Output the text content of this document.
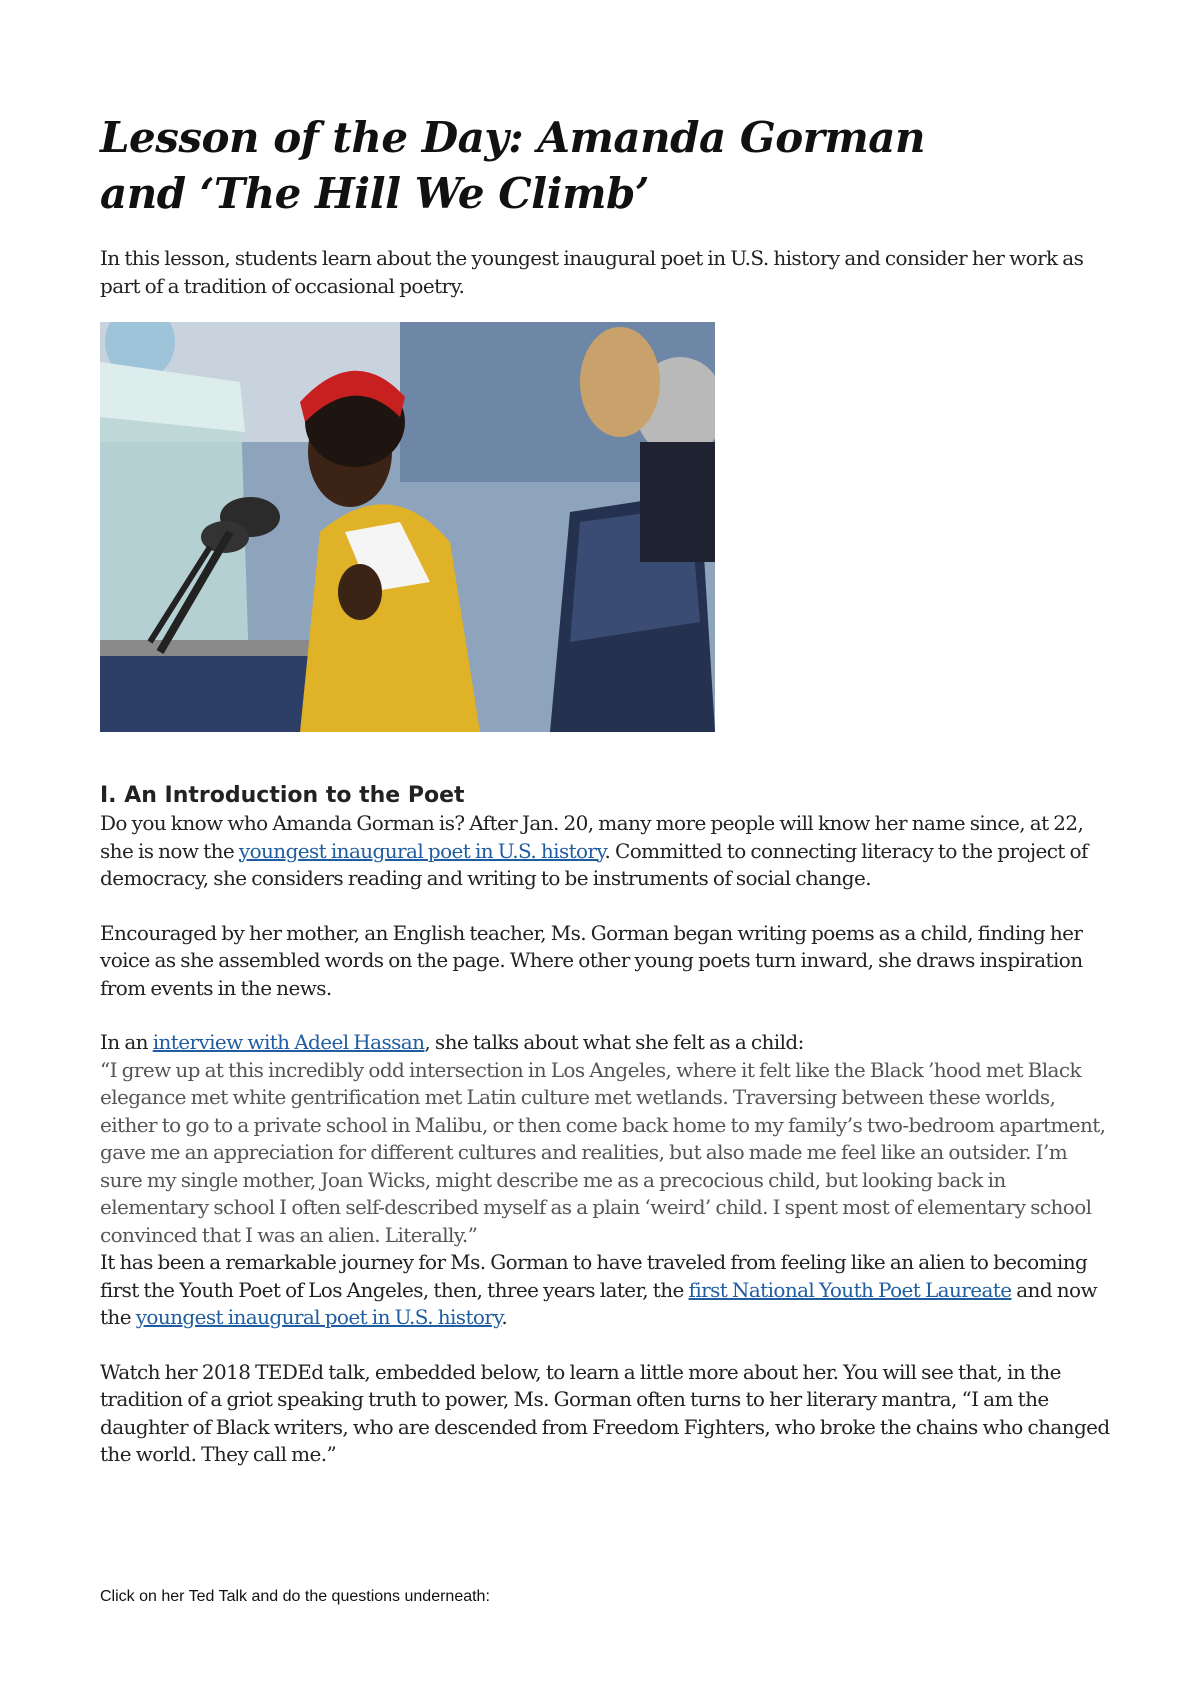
Lesson of the Day: Amanda Gorman
and ‘The Hill We Climb’

In this lesson, students learn about the youngest inaugural poet in U.S. history and consider her work as part of a tradition of occasional poetry.

I. An Introduction to the Poet

Do you know who Amanda Gorman is? After Jan. 20, many more people will know her name since, at 22, she is now the youngest inaugural poet in U.S. history. Committed to connecting literacy to the project of democracy, she considers reading and writing to be instruments of social change.

Encouraged by her mother, an English teacher, Ms. Gorman began writing poems as a child, finding her voice as she assembled words on the page. Where other young poets turn inward, she draws inspiration from events in the news.

In an interview with Adeel Hassan, she talks about what she felt as a child:
“I grew up at this incredibly odd intersection in Los Angeles, where it felt like the Black ’hood met Black elegance met white gentrification met Latin culture met wetlands. Traversing between these worlds, either to go to a private school in Malibu, or then come back home to my family’s two-bedroom apartment, gave me an appreciation for different cultures and realities, but also made me feel like an outsider. I’m sure my single mother, Joan Wicks, might describe me as a precocious child, but looking back in elementary school I often self-described myself as a plain ‘weird’ child. I spent most of elementary school convinced that I was an alien. Literally.”
It has been a remarkable journey for Ms. Gorman to have traveled from feeling like an alien to becoming first the Youth Poet of Los Angeles, then, three years later, the first National Youth Poet Laureate and now the youngest inaugural poet in U.S. history.

Watch her 2018 TEDEd talk, embedded below, to learn a little more about her. You will see that, in the tradition of a griot speaking truth to power, Ms. Gorman often turns to her literary mantra, “I am the daughter of Black writers, who are descended from Freedom Fighters, who broke the chains who changed the world. They call me.”

Click on her Ted Talk and do the questions underneath:
